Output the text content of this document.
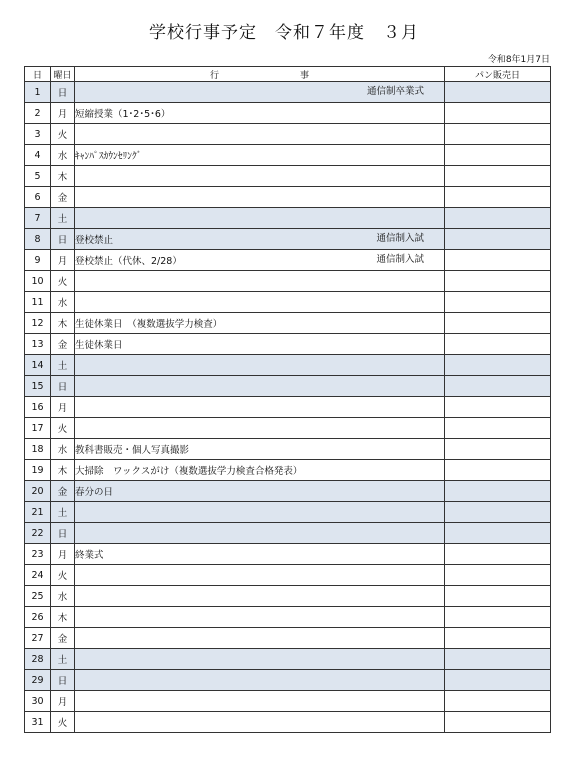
学校行事予定　 令和７年度　 ３月
令和8年1月7日
日	曜日	行 事	パン販売日
1	日	通信制卒業式	

2	月	短縮授業（1･2･5･6）

3	火	

4	水	ｷｬﾝﾊﾟｽｶｳﾝｾﾘﾝｸﾞ

5	木	

6	金	

7	土	

8	日	登校禁止 通信制入試	

9	月	登校禁止（代休、2/28） 通信制入試	

10	火	

11	水	

12	木	生徒休業日　（複数選抜学力検査）

13	金	生徒休業日

14	土	

15	日	

16	月	

17	火	

18	水	教科書販売・個人写真撮影

19	木	大掃除　ワックスがけ（複数選抜学力検査合格発表）

20	金	春分の日

21	土	

22	日	

23	月	終業式

24	火	

25	水	

26	木	

27	金	

28	土	

29	日	

30	月	

31	火	
